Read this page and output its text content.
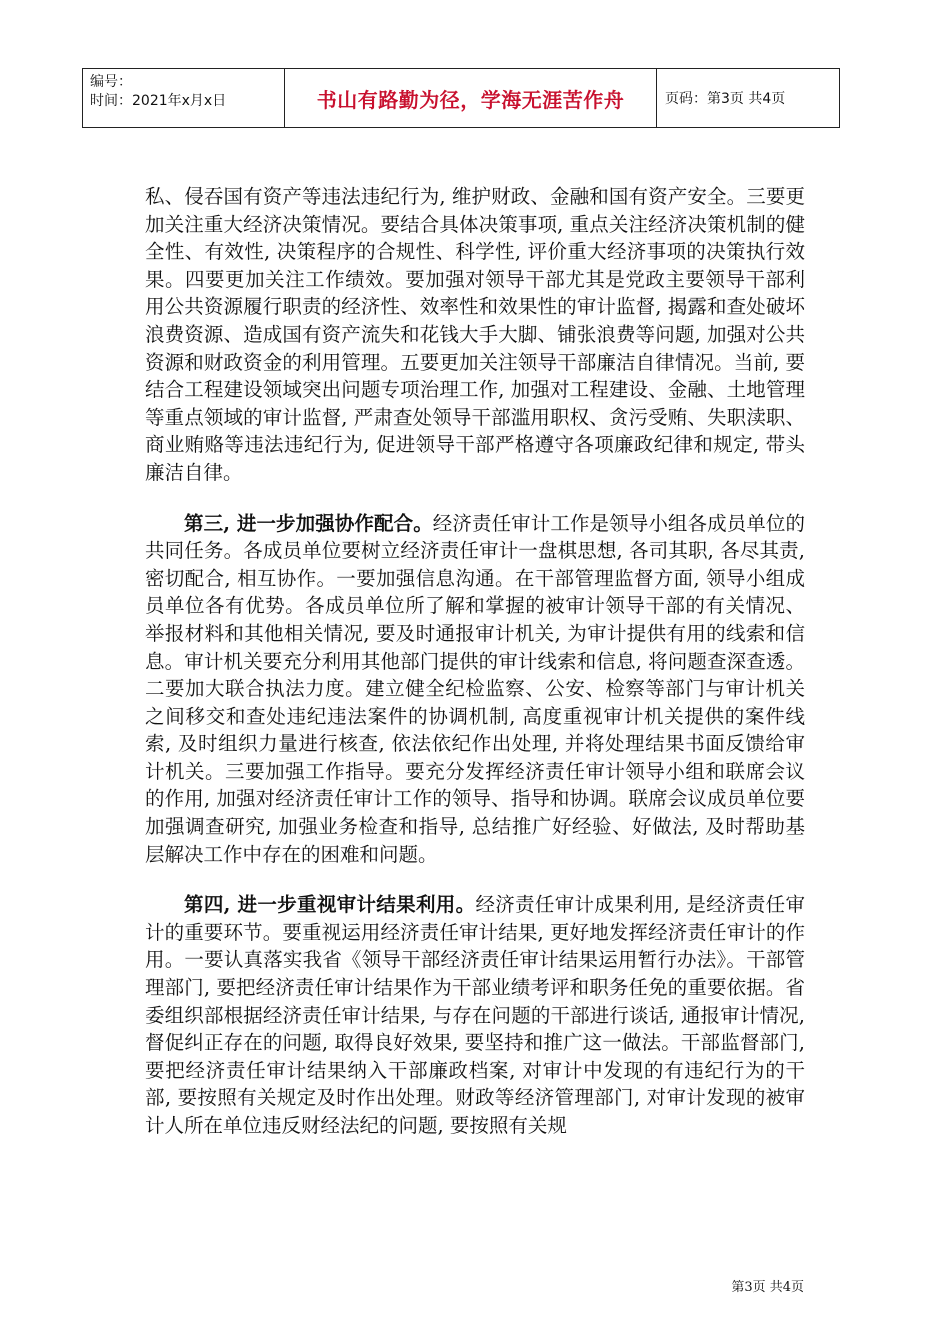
编号：
时间：2021年x月x日	书山有路勤为径，学海无涯苦作舟	页码：第3页 共4页

私、侵吞国有资产等违法违纪行为, 维护财政、金融和国有资产安全。三要更加关注重大经济决策情况。要结合具体决策事项, 重点关注经济决策机制的健全性、有效性, 决策程序的合规性、科学性, 评价重大经济事项的决策执行效果。四要更加关注工作绩效。要加强对领导干部尤其是党政主要领导干部利用公共资源履行职责的经济性、效率性和效果性的审计监督, 揭露和查处破坏浪费资源、造成国有资产流失和花钱大手大脚、铺张浪费等问题, 加强对公共资源和财政资金的利用管理。五要更加关注领导干部廉洁自律情况。当前, 要结合工程建设领域突出问题专项治理工作, 加强对工程建设、金融、土地管理等重点领域的审计监督, 严肃查处领导干部滥用职权、贪污受贿、失职渎职、商业贿赂等违法违纪行为, 促进领导干部严格遵守各项廉政纪律和规定, 带头廉洁自律。

第三, 进一步加强协作配合。经济责任审计工作是领导小组各成员单位的共同任务。各成员单位要树立经济责任审计一盘棋思想, 各司其职, 各尽其责, 密切配合, 相互协作。一要加强信息沟通。在干部管理监督方面, 领导小组成员单位各有优势。各成员单位所了解和掌握的被审计领导干部的有关情况、举报材料和其他相关情况, 要及时通报审计机关, 为审计提供有用的线索和信息。审计机关要充分利用其他部门提供的审计线索和信息, 将问题查深查透。二要加大联合执法力度。建立健全纪检监察、公安、检察等部门与审计机关之间移交和查处违纪违法案件的协调机制, 高度重视审计机关提供的案件线索, 及时组织力量进行核查, 依法依纪作出处理, 并将处理结果书面反馈给审计机关。三要加强工作指导。要充分发挥经济责任审计领导小组和联席会议的作用, 加强对经济责任审计工作的领导、指导和协调。联席会议成员单位要加强调查研究, 加强业务检查和指导, 总结推广好经验、好做法, 及时帮助基层解决工作中存在的困难和问题。

第四, 进一步重视审计结果利用。经济责任审计成果利用, 是经济责任审计的重要环节。要重视运用经济责任审计结果, 更好地发挥经济责任审计的作用。一要认真落实我省《领导干部经济责任审计结果运用暂行办法》。干部管理部门, 要把经济责任审计结果作为干部业绩考评和职务任免的重要依据。省委组织部根据经济责任审计结果, 与存在问题的干部进行谈话, 通报审计情况, 督促纠正存在的问题, 取得良好效果, 要坚持和推广这一做法。干部监督部门, 要把经济责任审计结果纳入干部廉政档案, 对审计中发现的有违纪行为的干部, 要按照有关规定及时作出处理。财政等经济管理部门, 对审计发现的被审计人所在单位违反财经法纪的问题, 要按照有关规

第3页 共4页
